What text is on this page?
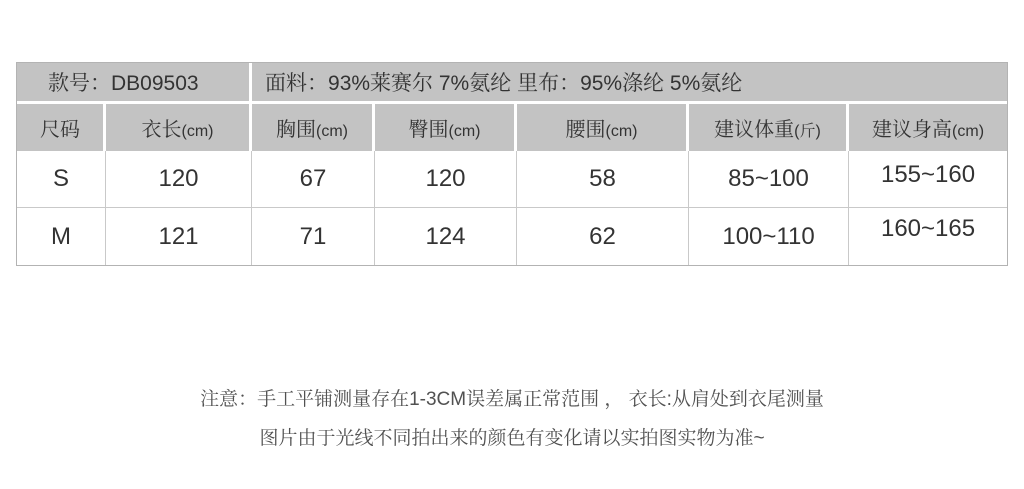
款号：DB09503		面料：93%莱赛尔 7%氨纶 里布：95%涤纶 5%氨纶				
尺码	衣长(cm)	胸围(cm)	臀围(cm)	腰围(cm)	建议体重(斤)	建议身高(cm)
S	120	67	120	58	85~100	155~160
M	121	71	124	62	100~110	160~165
注意：手工平铺测量存在1-3CM误差属正常范围 ， 衣长:从肩处到衣尾测量
图片由于光线不同拍出来的颜色有变化请以实拍图实物为准~
